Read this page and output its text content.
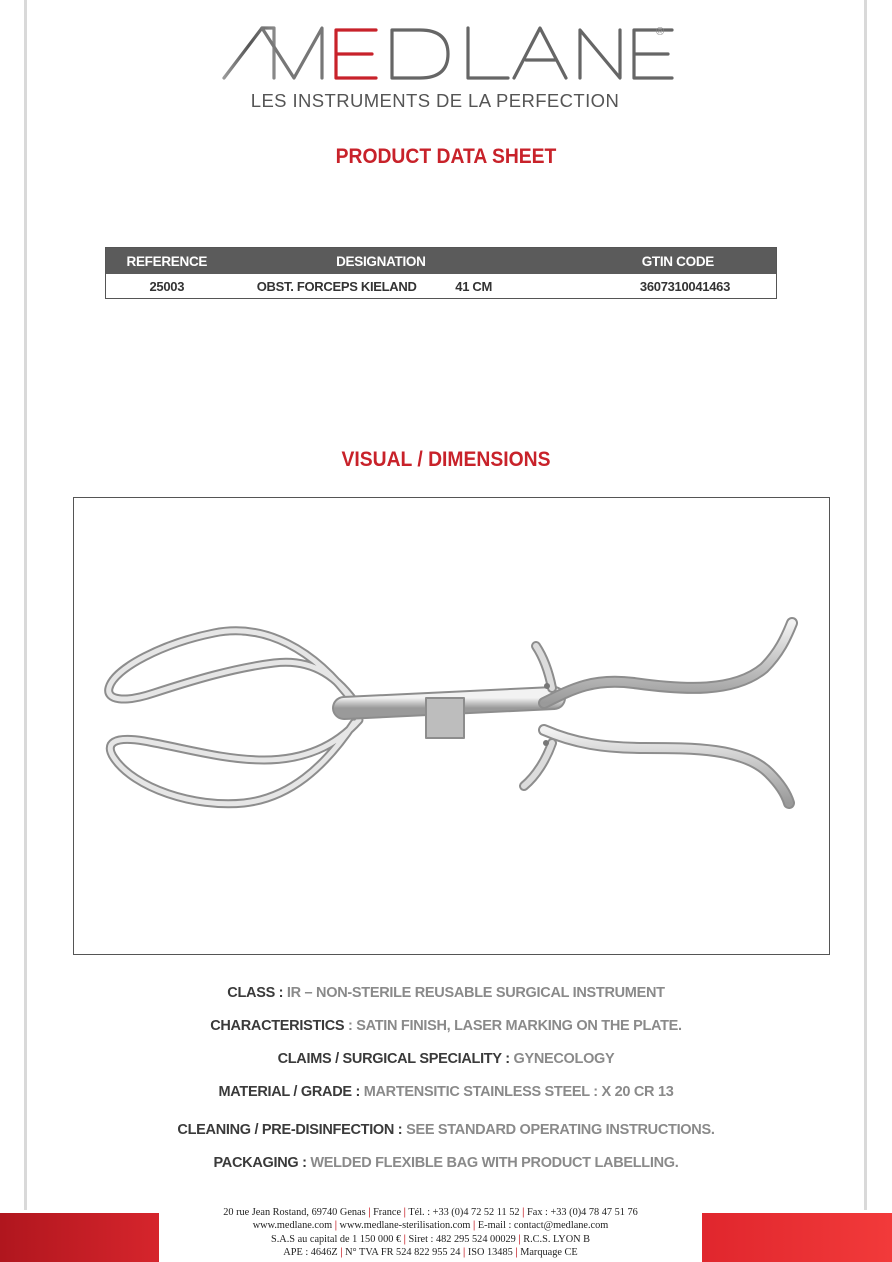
®
LES INSTRUMENTS DE LA PERFECTION
PRODUCT DATA SHEET
REFERENCE	DESIGNATION		GTIN CODE
25003	OBST. FORCEPS KIELAND	41 CM	3607310041463
VISUAL / DIMENSIONS
CLASS : IR – NON-STERILE REUSABLE SURGICAL INSTRUMENT
CHARACTERISTICS : SATIN FINISH, LASER MARKING ON THE PLATE.
CLAIMS / SURGICAL SPECIALITY : GYNECOLOGY
MATERIAL / GRADE : MARTENSITIC STAINLESS STEEL : X 20 CR 13
CLEANING / PRE-DISINFECTION : SEE STANDARD OPERATING INSTRUCTIONS.
PACKAGING : WELDED FLEXIBLE BAG WITH PRODUCT LABELLING.
20 rue Jean Rostand, 69740 Genas | France | Tél. : +33 (0)4 72 52 11 52 | Fax : +33 (0)4 78 47 51 76
www.medlane.com | www.medlane-sterilisation.com | E-mail : contact@medlane.com
S.A.S au capital de 1 150 000 € | Siret : 482 295 524 00029 | R.C.S. LYON B
APE : 4646Z | N° TVA FR 524 822 955 24 | ISO 13485 | Marquage CE
